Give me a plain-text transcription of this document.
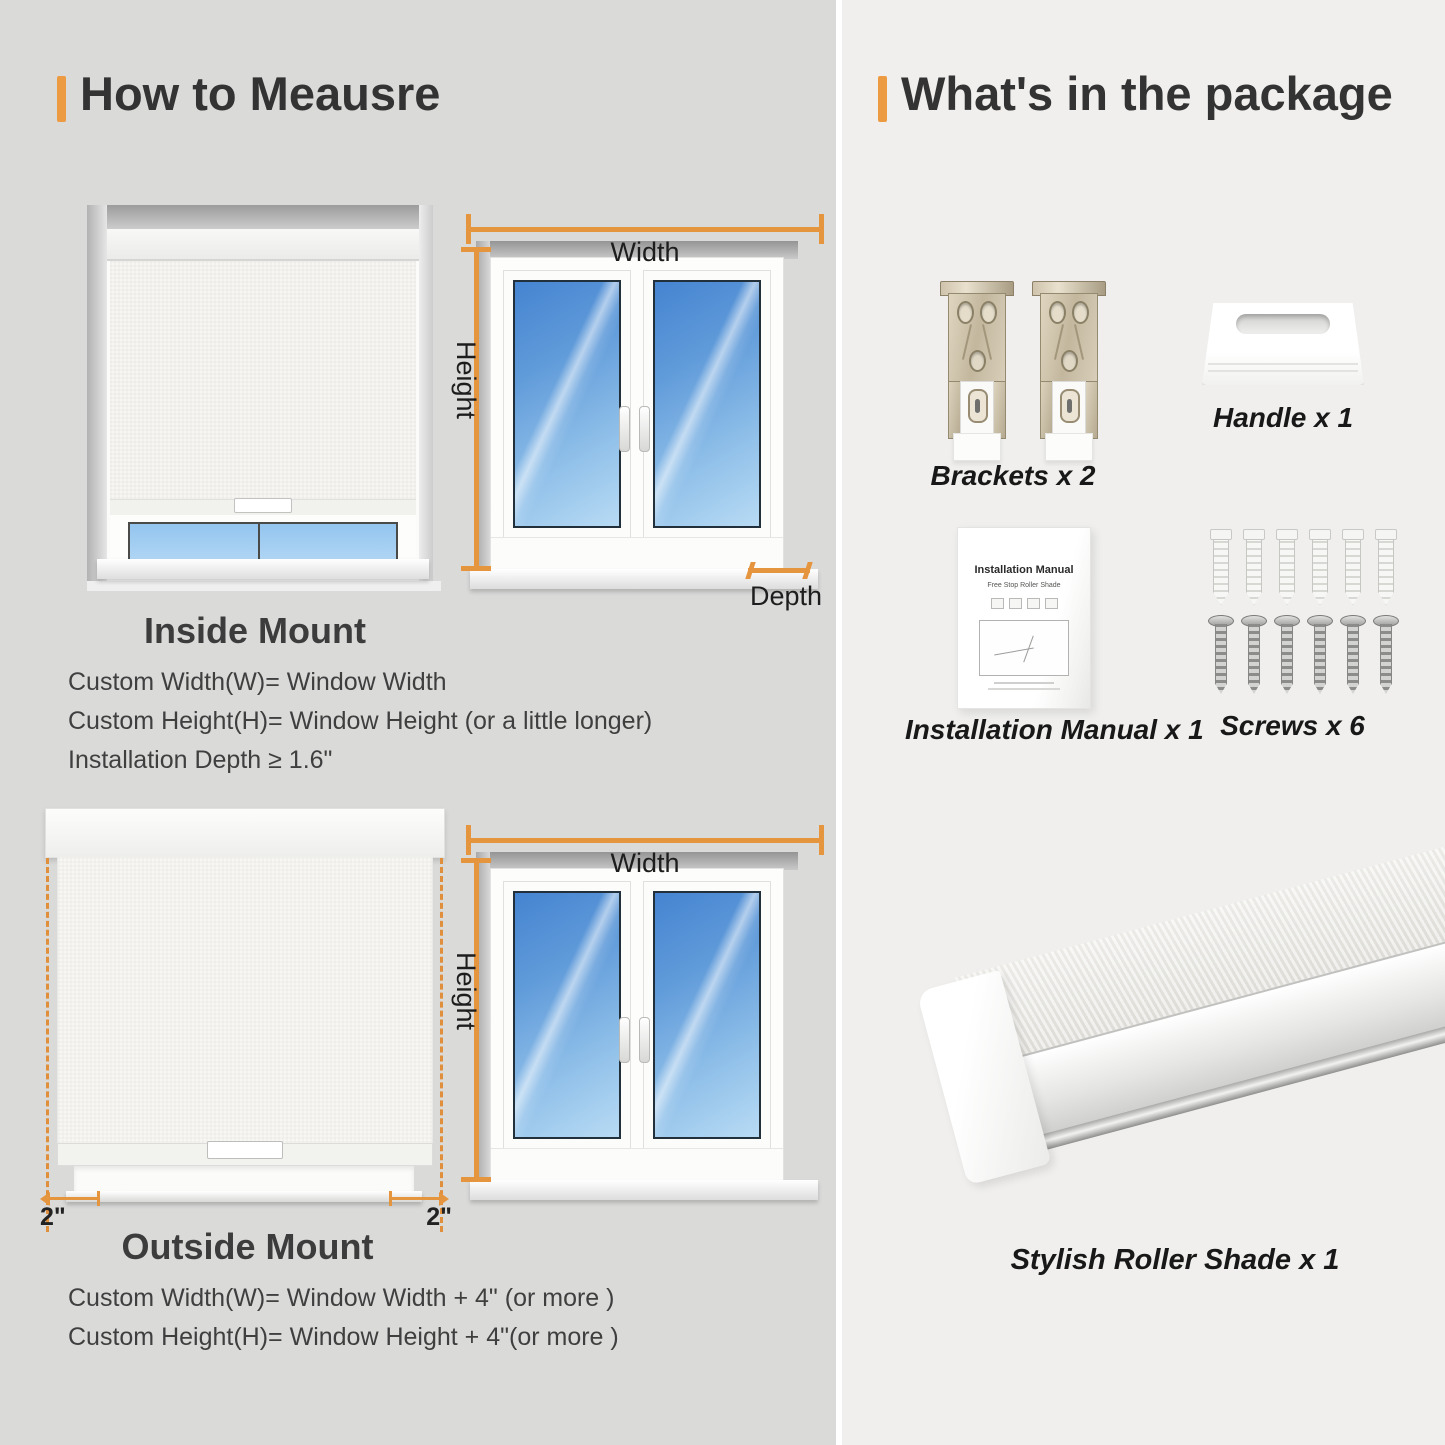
How to Meausre
Width
Height
Depth
Inside Mount
Custom Width(W)= Window Width
Custom Height(H)= Window Height (or a little longer)
Installation Depth ≥ 1.6"
2"	2"
Width
Height
Outside Mount
Custom Width(W)= Window Width + 4" (or more )
Custom Height(H)= Window Height + 4"(or more )
What's in the package
Brackets x 2
Handle x 1
Installation Manual
Free Stop Roller Shade
Installation Manual x 1 Screws x 6
Stylish Roller Shade x 1
